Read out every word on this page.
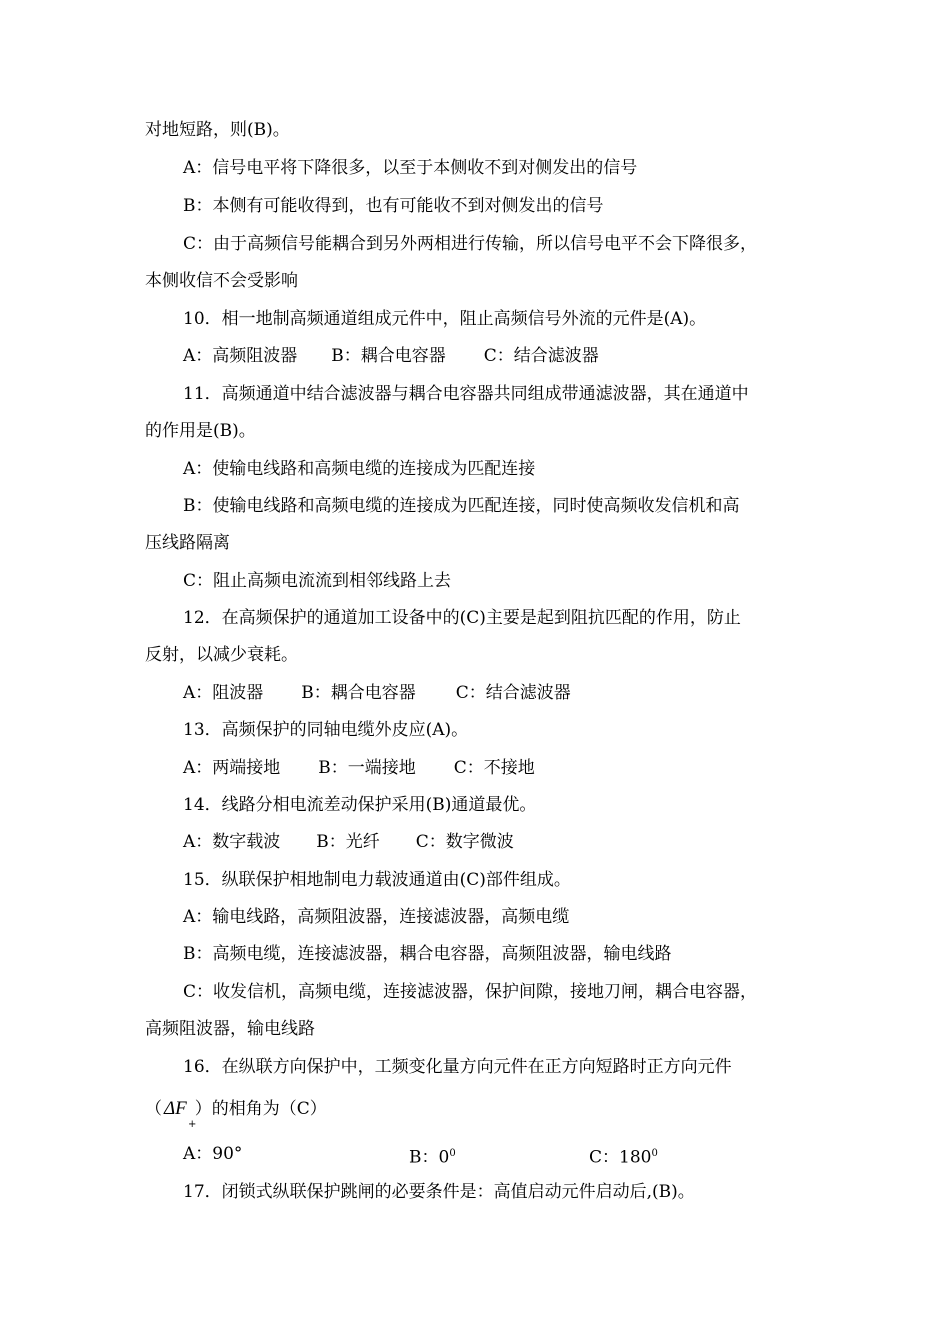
对地短路，则(B)。
A：信号电平将下降很多，以至于本侧收不到对侧发出的信号
B：本侧有可能收得到，也有可能收不到对侧发出的信号
C：由于高频信号能耦合到另外两相进行传输，所以信号电平不会下降很多，
本侧收信不会受影响
10．相一地制高频通道组成元件中，阻止高频信号外流的元件是(A)。
A：高频阻波器 B：耦合电容器 C：结合滤波器
11．高频通道中结合滤波器与耦合电容器共同组成带通滤波器，其在通道中
的作用是(B)。
A：使输电线路和高频电缆的连接成为匹配连接
B：使输电线路和高频电缆的连接成为匹配连接，同时使高频收发信机和高
压线路隔离
C：阻止高频电流流到相邻线路上去
12．在高频保护的通道加工设备中的(C)主要是起到阻抗匹配的作用，防止
反射，以减少衰耗。
A：阻波器 B：耦合电容器 C：结合滤波器
13．高频保护的同轴电缆外皮应(A)。
A：两端接地 B：一端接地 C：不接地
14．线路分相电流差动保护采用(B)通道最优。
A：数字载波 B：光纤 C：数字微波
15．纵联保护相地制电力载波通道由(C)部件组成。
A：输电线路，高频阻波器，连接滤波器，高频电缆
B：高频电缆，连接滤波器，耦合电容器，高频阻波器，输电线路
C：收发信机，高频电缆，连接滤波器，保护间隙，接地刀闸，耦合电容器，
高频阻波器，输电线路
16．在纵联方向保护中，工频变化量方向元件在正方向短路时正方向元件
（ ΔF ）的相角为（C）
+
A：90°	B：$0^0$	C：$180^0$
17．闭锁式纵联保护跳闸的必要条件是：高值启动元件启动后,(B)。
